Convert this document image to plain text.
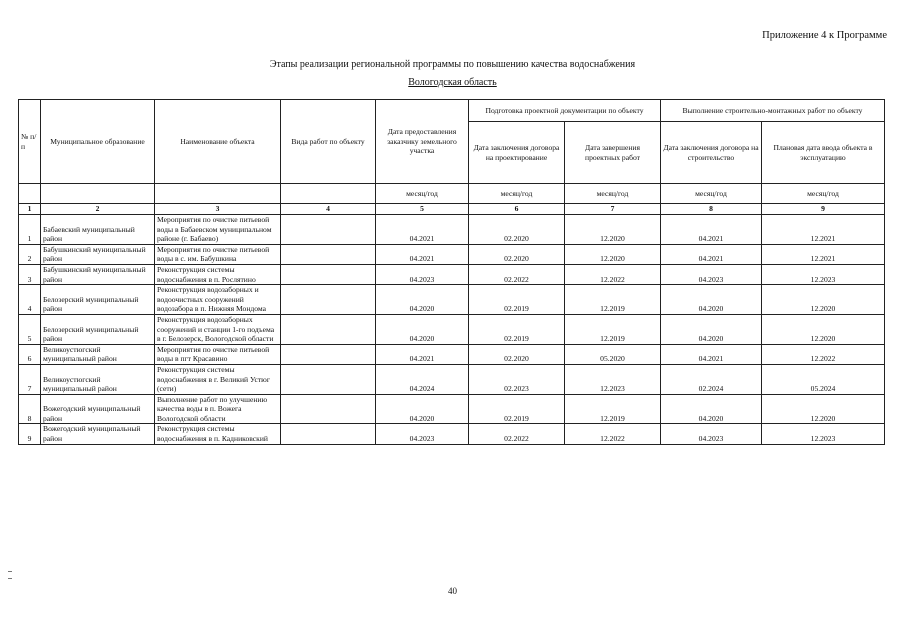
Приложение 4 к Программе
Этапы реализации региональной программы по повышению качества водоснабжения
Вологодская область
№ п/п	Муниципальное образование	Наименование объекта	Вида работ по объекту	Дата предоставления заказчику земельного участка	Подготовка проектной документации по объекту		Выполнение строительно-монтажных работ по объекту	
					Дата заключения договора на проектирование	Дата завершения проектных работ	Дата заключения договора на строительство	Плановая дата ввода объекта в эксплуатацию
				месяц/год	месяц/год	месяц/год	месяц/год	месяц/год
1	2	3	4	5	6	7	8	9
1	Бабаевский муниципальный район	Мероприятия по очистке питьевой воды в Бабаевском муниципальном районе (г. Бабаево)		04.2021	02.2020	12.2020	04.2021	12.2021
2	Бабушкинский муниципальный район	Мероприятия по очистке питьевой воды в с. им. Бабушкина		04.2021	02.2020	12.2020	04.2021	12.2021
3	Бабушкинский муниципальный район	Реконструкция системы водоснабжения в п. Рослятино		04.2023	02.2022	12.2022	04.2023	12.2023
4	Белозерский муниципальный район	Реконструкция водозаборных и водоочистных сооружений водозабора в п. Нижняя Мондома		04.2020	02.2019	12.2019	04.2020	12.2020
5	Белозерский муниципальный район	Реконструкция водозаборных сооружений и станции 1-го подъема в г. Белозерск, Вологодской области		04.2020	02.2019	12.2019	04.2020	12.2020
6	Великоустюгский муниципальный район	Мероприятия по очистке питьевой воды в пгт Красавино		04.2021	02.2020	05.2020	04.2021	12.2022
7	Великоустюгский муниципальный район	Реконструкция системы водоснабжения в г. Великий Устюг (сети)		04.2024	02.2023	12.2023	02.2024	05.2024
8	Вожегодский муниципальный район	Выполнение работ по улучшению качества воды в п. Вожега Вологодской области		04.2020	02.2019	12.2019	04.2020	12.2020
9	Вожегодский муниципальный район	Реконструкция системы водоснабжения в п. Кадниковский		04.2023	02.2022	12.2022	04.2023	12.2023
40
